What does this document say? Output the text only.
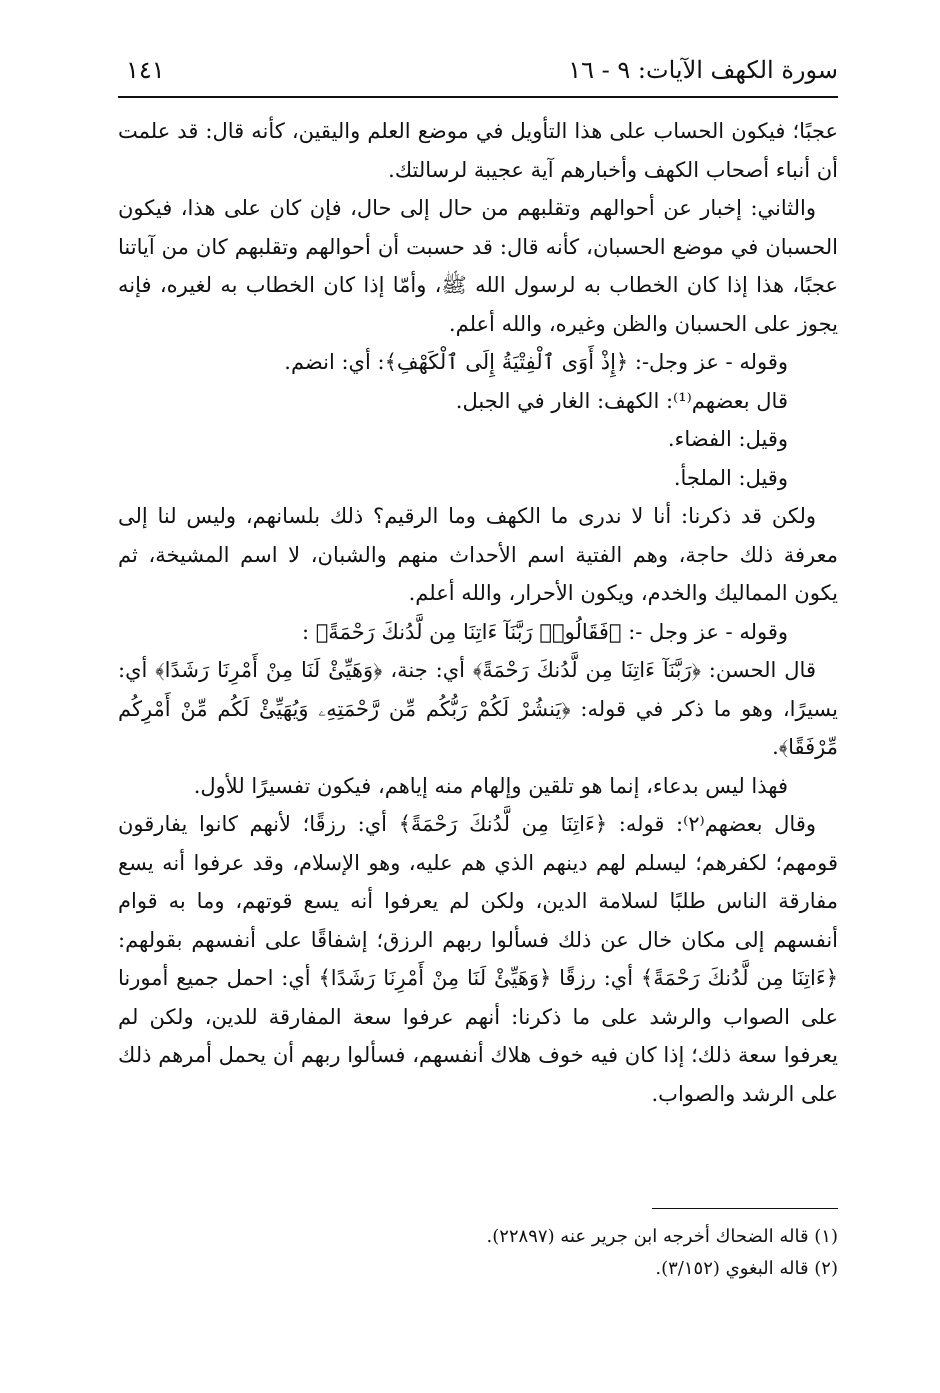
سورة الكهف الآيات: ٩ - ١٦
١٤١

عجبًا؛ فيكون الحساب على هذا التأويل في موضع العلم واليقين، كأنه قال: قد علمت أن أنباء أصحاب الكهف وأخبارهم آية عجيبة لرسالتك.

والثاني: إخبار عن أحوالهم وتقلبهم من حال إلى حال، فإن كان على هذا، فيكون الحسبان في موضع الحسبان، كأنه قال: قد حسبت أن أحوالهم وتقلبهم كان من آياتنا عجبًا، هذا إذا كان الخطاب به لرسول الله ﷺ، وأمّا إذا كان الخطاب به لغيره، فإنه يجوز على الحسبان والظن وغيره، والله أعلم.

وقوله - عز وجل-: ﴿إِذْ أَوَى ٱلْفِتْيَةُ إِلَى ٱلْكَهْفِ﴾: أي: انضم.

قال بعضهم⁽¹⁾: الكهف: الغار في الجبل.

وقيل: الفضاء.

وقيل: الملجأ.

ولكن قد ذكرنا: أنا لا ندرى ما الكهف وما الرقيم؟ ذلك بلسانهم، وليس لنا إلى معرفة ذلك حاجة، وهم الفتية اسم الأحداث منهم والشبان، لا اسم المشيخة، ثم يكون المماليك والخدم، ويكون الأحرار، والله أعلم.

وقوله - عز وجل -: ﴿فَقَالُوا۟ رَبَّنَآ ءَاتِنَا مِن لَّدُنكَ رَحْمَةً﴾ :

قال الحسن: ﴿رَبَّنَآ ءَاتِنَا مِن لَّدُنكَ رَحْمَةً﴾ أي: جنة، ﴿وَهَيِّئْ لَنَا مِنْ أَمْرِنَا رَشَدًا﴾ أي: يسيرًا، وهو ما ذكر في قوله: ﴿يَنشُرْ لَكُمْ رَبُّكُم مِّن رَّحْمَتِهِۦ وَيُهَيِّئْ لَكُم مِّنْ أَمْرِكُم مِّرْفَقًا﴾.

فهذا ليس بدعاء، إنما هو تلقين وإلهام منه إياهم، فيكون تفسيرًا للأول.

وقال بعضهم⁽٢⁾: قوله: ﴿ءَاتِنَا مِن لَّدُنكَ رَحْمَةً﴾ أي: رزقًا؛ لأنهم كانوا يفارقون قومهم؛ لكفرهم؛ ليسلم لهم دينهم الذي هم عليه، وهو الإسلام، وقد عرفوا أنه يسع مفارقة الناس طلبًا لسلامة الدين، ولكن لم يعرفوا أنه يسع قوتهم، وما به قوام أنفسهم إلى مكان خال عن ذلك فسألوا ربهم الرزق؛ إشفاقًا على أنفسهم بقولهم: ﴿ءَاتِنَا مِن لَّدُنكَ رَحْمَةً﴾ أي: رزقًا ﴿وَهَيِّئْ لَنَا مِنْ أَمْرِنَا رَشَدًا﴾ أي: احمل جميع أمورنا على الصواب والرشد على ما ذكرنا: أنهم عرفوا سعة المفارقة للدين، ولكن لم يعرفوا سعة ذلك؛ إذا كان فيه خوف هلاك أنفسهم، فسألوا ربهم أن يحمل أمرهم ذلك على الرشد والصواب.

(١) قاله الضحاك أخرجه ابن جرير عنه (٢٢٨٩٧).

(٢) قاله البغوي (٣/١٥٢).
